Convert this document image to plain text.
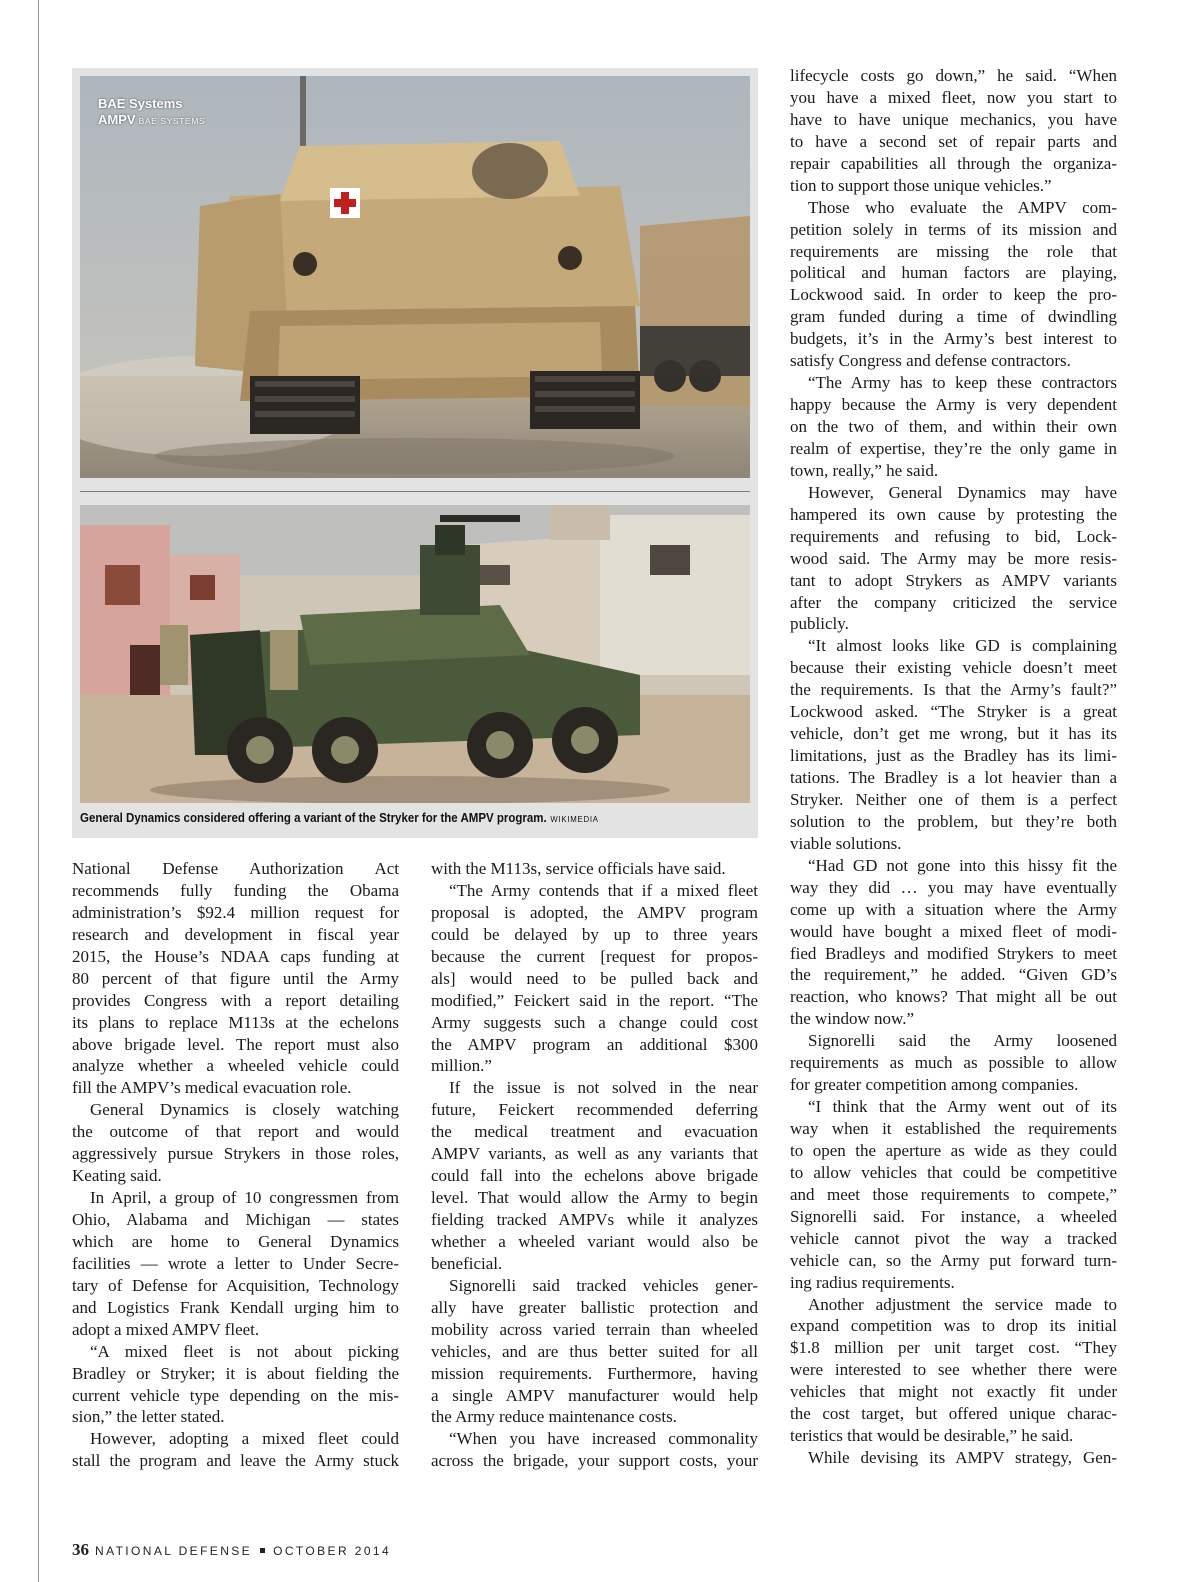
BAE Systems
AMPV BAE SYSTEMS
General Dynamics considered offering a variant of the Stryker for the AMPV program. WIKIMEDIA
National Defense Authorization Act
recommends fully funding the Obama
administration’s $92.4 million request for
research and development in fiscal year
2015, the House’s NDAA caps funding at
80 percent of that figure until the Army
provides Congress with a report detailing
its plans to replace M113s at the echelons
above brigade level. The report must also
analyze whether a wheeled vehicle could
fill the AMPV’s medical evacuation role.
General Dynamics is closely watching
the outcome of that report and would
aggressively pursue Strykers in those roles,
Keating said.
In April, a group of 10 congressmen from
Ohio, Alabama and Michigan — states
which are home to General Dynamics
facilities — wrote a letter to Under Secre-
tary of Defense for Acquisition, Technology
and Logistics Frank Kendall urging him to
adopt a mixed AMPV fleet.
“A mixed fleet is not about picking
Bradley or Stryker; it is about fielding the
current vehicle type depending on the mis-
sion,” the letter stated.
However, adopting a mixed fleet could
stall the program and leave the Army stuck
with the M113s, service officials have said.
“The Army contends that if a mixed fleet
proposal is adopted, the AMPV program
could be delayed by up to three years
because the current [request for propos-
als] would need to be pulled back and
modified,” Feickert said in the report. “The
Army suggests such a change could cost
the AMPV program an additional $300
million.”
If the issue is not solved in the near
future, Feickert recommended deferring
the medical treatment and evacuation
AMPV variants, as well as any variants that
could fall into the echelons above brigade
level. That would allow the Army to begin
fielding tracked AMPVs while it analyzes
whether a wheeled variant would also be
beneficial.
Signorelli said tracked vehicles gener-
ally have greater ballistic protection and
mobility across varied terrain than wheeled
vehicles, and are thus better suited for all
mission requirements. Furthermore, having
a single AMPV manufacturer would help
the Army reduce maintenance costs.
“When you have increased commonality
across the brigade, your support costs, your
lifecycle costs go down,” he said. “When
you have a mixed fleet, now you start to
have to have unique mechanics, you have
to have a second set of repair parts and
repair capabilities all through the organiza-
tion to support those unique vehicles.”
Those who evaluate the AMPV com-
petition solely in terms of its mission and
requirements are missing the role that
political and human factors are playing,
Lockwood said. In order to keep the pro-
gram funded during a time of dwindling
budgets, it’s in the Army’s best interest to
satisfy Congress and defense contractors.
“The Army has to keep these contractors
happy because the Army is very dependent
on the two of them, and within their own
realm of expertise, they’re the only game in
town, really,” he said.
However, General Dynamics may have
hampered its own cause by protesting the
requirements and refusing to bid, Lock-
wood said. The Army may be more resis-
tant to adopt Strykers as AMPV variants
after the company criticized the service
publicly.
“It almost looks like GD is complaining
because their existing vehicle doesn’t meet
the requirements. Is that the Army’s fault?”
Lockwood asked. “The Stryker is a great
vehicle, don’t get me wrong, but it has its
limitations, just as the Bradley has its limi-
tations. The Bradley is a lot heavier than a
Stryker. Neither one of them is a perfect
solution to the problem, but they’re both
viable solutions.
“Had GD not gone into this hissy fit the
way they did … you may have eventually
come up with a situation where the Army
would have bought a mixed fleet of modi-
fied Bradleys and modified Strykers to meet
the requirement,” he added. “Given GD’s
reaction, who knows? That might all be out
the window now.”
Signorelli said the Army loosened
requirements as much as possible to allow
for greater competition among companies.
“I think that the Army went out of its
way when it established the requirements
to open the aperture as wide as they could
to allow vehicles that could be competitive
and meet those requirements to compete,”
Signorelli said. For instance, a wheeled
vehicle cannot pivot the way a tracked
vehicle can, so the Army put forward turn-
ing radius requirements.
Another adjustment the service made to
expand competition was to drop its initial
$1.8 million per unit target cost. “They
were interested to see whether there were
vehicles that might not exactly fit under
the cost target, but offered unique charac-
teristics that would be desirable,” he said.
While devising its AMPV strategy, Gen-
36 NATIONAL DEFENSE OCTOBER 2014
